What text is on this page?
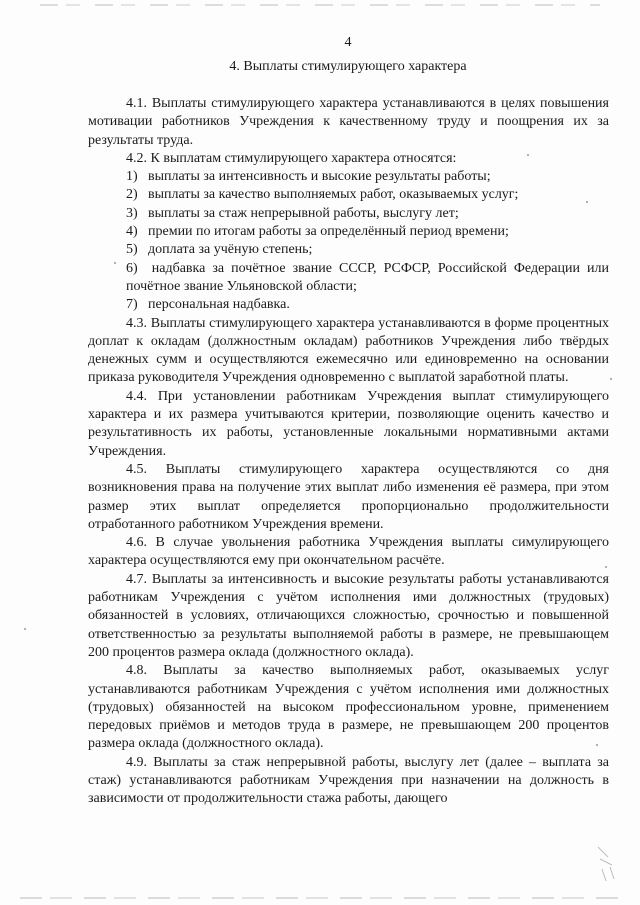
4
4. Выплаты стимулирующего характера

4.1. Выплаты стимулирующего характера устанавливаются в целях повышения мотивации работников Учреждения к качественному труду и поощрения их за результаты труда.

4.2. К выплатам стимулирующего характера относятся:

1) выплаты за интенсивность и высокие результаты работы;
2) выплаты за качество выполняемых работ, оказываемых услуг;
3) выплаты за стаж непрерывной работы, выслугу лет;
4) премии по итогам работы за определённый период времени;
5) доплата за учёную степень;

6) надбавка за почётное звание СССР, РСФСР, Российской Федерации или почётное звание Ульяновской области;

7) персональная надбавка.

4.3. Выплаты стимулирующего характера устанавливаются в форме процентных доплат к окладам (должностным окладам) работников Учреждения либо твёрдых денежных сумм и осуществляются ежемесячно или единовременно на основании приказа руководителя Учреждения одновременно с выплатой заработной платы.

4.4. При установлении работникам Учреждения выплат стимулирующего характера и их размера учитываются критерии, позволяющие оценить качество и результативность их работы, установленные локальными нормативными актами Учреждения.

4.5. Выплаты стимулирующего характера осуществляются со дня возникновения права на получение этих выплат либо изменения её размера, при этом размер этих выплат определяется пропорционально продолжительности отработанного работником Учреждения времени.

4.6. В случае увольнения работника Учреждения выплаты симулирующего характера осуществляются ему при окончательном расчёте.

4.7. Выплаты за интенсивность и высокие результаты работы устанавливаются работникам Учреждения с учётом исполнения ими должностных (трудовых) обязанностей в условиях, отличающихся сложностью, срочностью и повышенной ответственностью за результаты выполняемой работы в размере, не превышающем 200 процентов размера оклада (должностного оклада).

4.8. Выплаты за качество выполняемых работ, оказываемых услуг устанавливаются работникам Учреждения с учётом исполнения ими должностных (трудовых) обязанностей на высоком профессиональном уровне, применением передовых приёмов и методов труда в размере, не превышающем 200 процентов размера оклада (должностного оклада).

4.9. Выплаты за стаж непрерывной работы, выслугу лет (далее – выплата за стаж) устанавливаются работникам Учреждения при назначении на должность в зависимости от продолжительности стажа работы, дающего
